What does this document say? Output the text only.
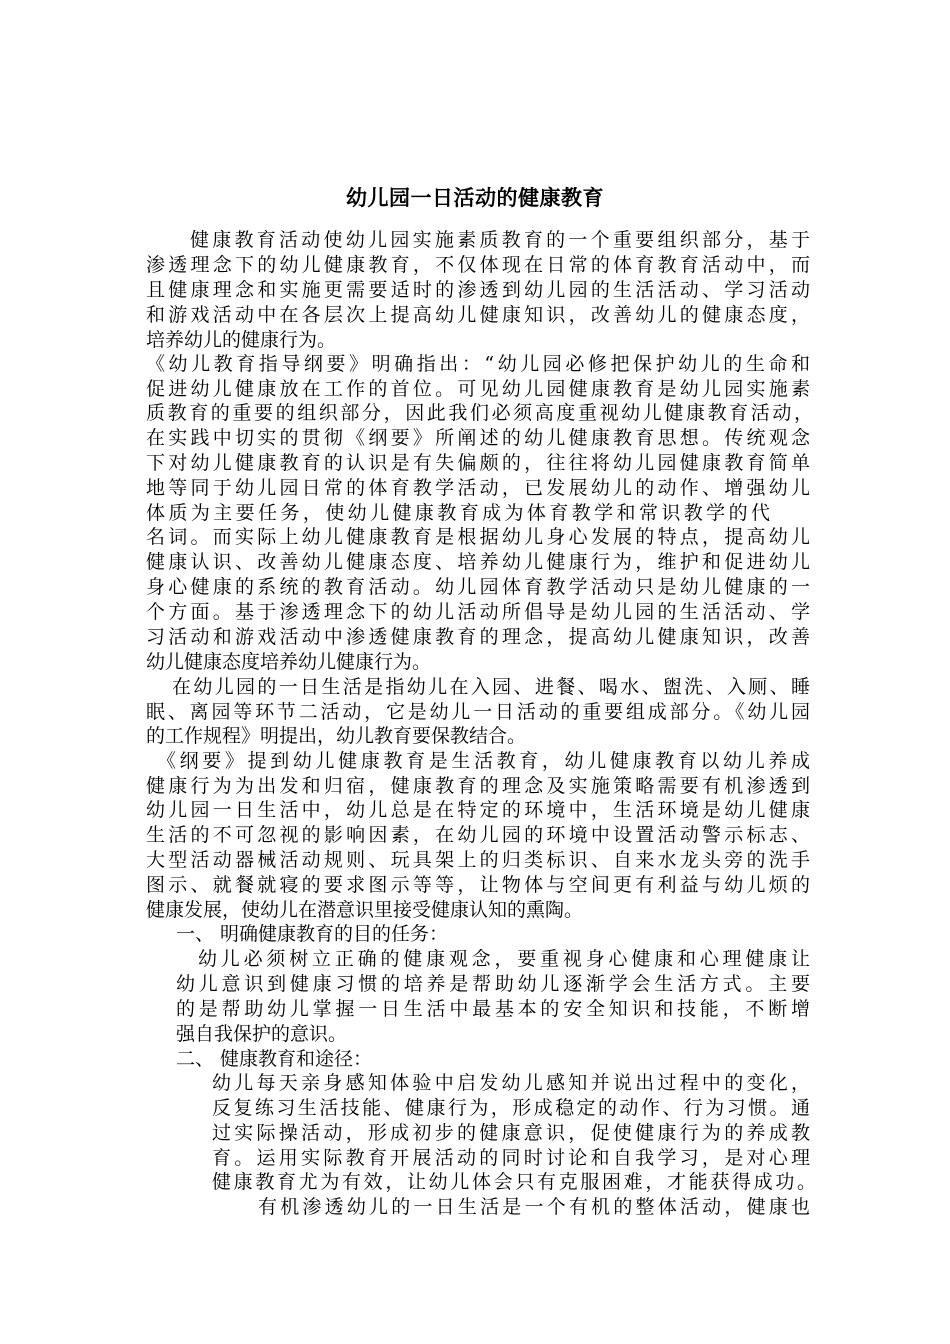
幼儿园一日活动的健康教育
健康教育活动使幼儿园实施素质教育的一个重要组织部分，基于
渗透理念下的幼儿健康教育，不仅体现在日常的体育教育活动中，而
且健康理念和实施更需要适时的渗透到幼儿园的生活活动、学习活动
和游戏活动中在各层次上提高幼儿健康知识，改善幼儿的健康态度，
培养幼儿的健康行为。
《幼儿教育指导纲要》明确指出：“幼儿园必修把保护幼儿的生命和
促进幼儿健康放在工作的首位。可见幼儿园健康教育是幼儿园实施素
质教育的重要的组织部分，因此我们必须高度重视幼儿健康教育活动，
在实践中切实的贯彻《纲要》所阐述的幼儿健康教育思想。传统观念
下对幼儿健康教育的认识是有失偏颇的，往往将幼儿园健康教育简单
地等同于幼儿园日常的体育教学活动，已发展幼儿的动作、增强幼儿
体质为主要任务，使幼儿健康教育成为体育教学和常识教学的代
名词。而实际上幼儿健康教育是根据幼儿身心发展的特点，提高幼儿
健康认识、改善幼儿健康态度、培养幼儿健康行为，维护和促进幼儿
身心健康的系统的教育活动。幼儿园体育教学活动只是幼儿健康的一
个方面。基于渗透理念下的幼儿活动所倡导是幼儿园的生活活动、学
习活动和游戏活动中渗透健康教育的理念，提高幼儿健康知识，改善
幼儿健康态度培养幼儿健康行为。
在幼儿园的一日生活是指幼儿在入园、进餐、喝水、盥洗、入厕、睡
眠、离园等环节二活动，它是幼儿一日活动的重要组成部分。《幼儿园
的工作规程》明提出，幼儿教育要保教结合。
《纲要》提到幼儿健康教育是生活教育，幼儿健康教育以幼儿养成
健康行为为出发和归宿，健康教育的理念及实施策略需要有机渗透到
幼儿园一日生活中，幼儿总是在特定的环境中，生活环境是幼儿健康
生活的不可忽视的影响因素，在幼儿园的环境中设置活动警示标志、
大型活动器械活动规则、玩具架上的归类标识、自来水龙头旁的洗手
图示、就餐就寝的要求图示等等，让物体与空间更有利益与幼儿烦的
健康发展，使幼儿在潜意识里接受健康认知的熏陶。
一、 明确健康教育的目的任务：
幼儿必须树立正确的健康观念，要重视身心健康和心理健康让
幼儿意识到健康习惯的培养是帮助幼儿逐渐学会生活方式。主要
的是帮助幼儿掌握一日生活中最基本的安全知识和技能，不断增
强自我保护的意识。
二、 健康教育和途径：
幼儿每天亲身感知体验中启发幼儿感知并说出过程中的变化，
反复练习生活技能、健康行为，形成稳定的动作、行为习惯。通
过实际操活动，形成初步的健康意识，促使健康行为的养成教
育。运用实际教育开展活动的同时讨论和自我学习，是对心理
健康教育尤为有效，让幼儿体会只有克服困难，才能获得成功。
有机渗透幼儿的一日生活是一个有机的整体活动，健康也
